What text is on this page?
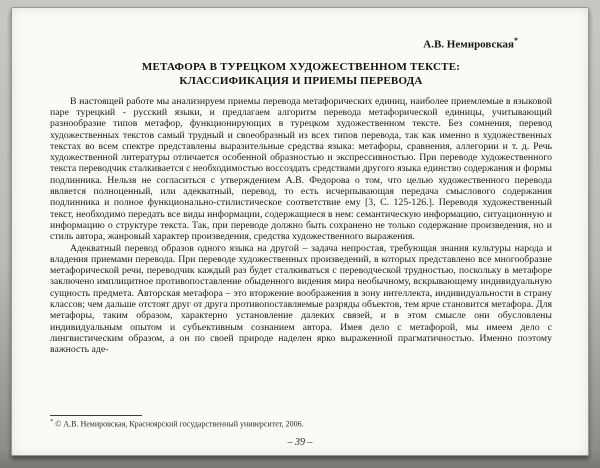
А.В. Немировская*
МЕТАФОРА В ТУРЕЦКОМ ХУДОЖЕСТВЕННОМ ТЕКСТЕ:
КЛАССИФИКАЦИЯ И ПРИЕМЫ ПЕРЕВОДА

В настоящей работе мы анализируем приемы перевода метафорических единиц, наиболее приемлемые в языковой паре турецкий - русский языки, и предлагаем алгоритм перевода метафорической единицы, учитывающий разнообразие типов метафор, функционирующих в турецком художественном тексте. Без сомнения, перевод художественных текстов самый трудный и своеобразный из всех типов перевода, так как именно в художественных текстах во всем спектре представлены выразительные средства языка: метафоры, сравнения, аллегории и т. д. Речь художественной литературы отличается особенной образностью и экспрессивностью. При переводе художественного текста переводчик сталкивается с необходимостью воссоздать средствами другого языка единство содержания и формы подлинника. Нельзя не согласиться с утверждением А.В. Федорова о том, что целью художественного перевода является полноценный, или адекватный, перевод, то есть исчерпывающая передача смыслового содержания подлинника и полное функционально-стилистическое соответствие ему [3, С. 125-126.]. Переводя художественный текст, необходимо передать все виды информации, содержащиеся в нем: семантическую информацию, ситуационную и информацию о структуре текста. Так, при переводе должно быть сохранено не только содержание произведения, но и стиль автора, жанровый характер произведения, средства художественного выражения.

Адекватный перевод образов одного языка на другой – задача непростая, требующая знания культуры народа и владения приемами перевода. При переводе художественных произведений, в которых представлено все многообразие метафорической речи, переводчик каждый раз будет сталкиваться с переводческой трудностью, поскольку в метафоре заключено имплицитное противопоставление обыденного видения мира необычному, вскрывающему индивидуальную сущность предмета. Авторская метафора – это вторжение воображения в зону интеллекта, индивидуальности в страну классов; чем дальше отстоят друг от друга противопоставляемые разряды объектов, тем ярче становится метафора. Для метафоры, таким образом, характерно установление далеких связей, и в этом смысле они обусловлены индивидуальным опытом и субъективным сознанием автора. Имея дело с метафорой, мы имеем дело с лингвистическим образом, а он по своей природе наделен ярко выраженной прагматичностью. Именно поэтому важность аде-

* © А.В. Немировская, Красноярский государственный университет, 2006.
– 39 –
